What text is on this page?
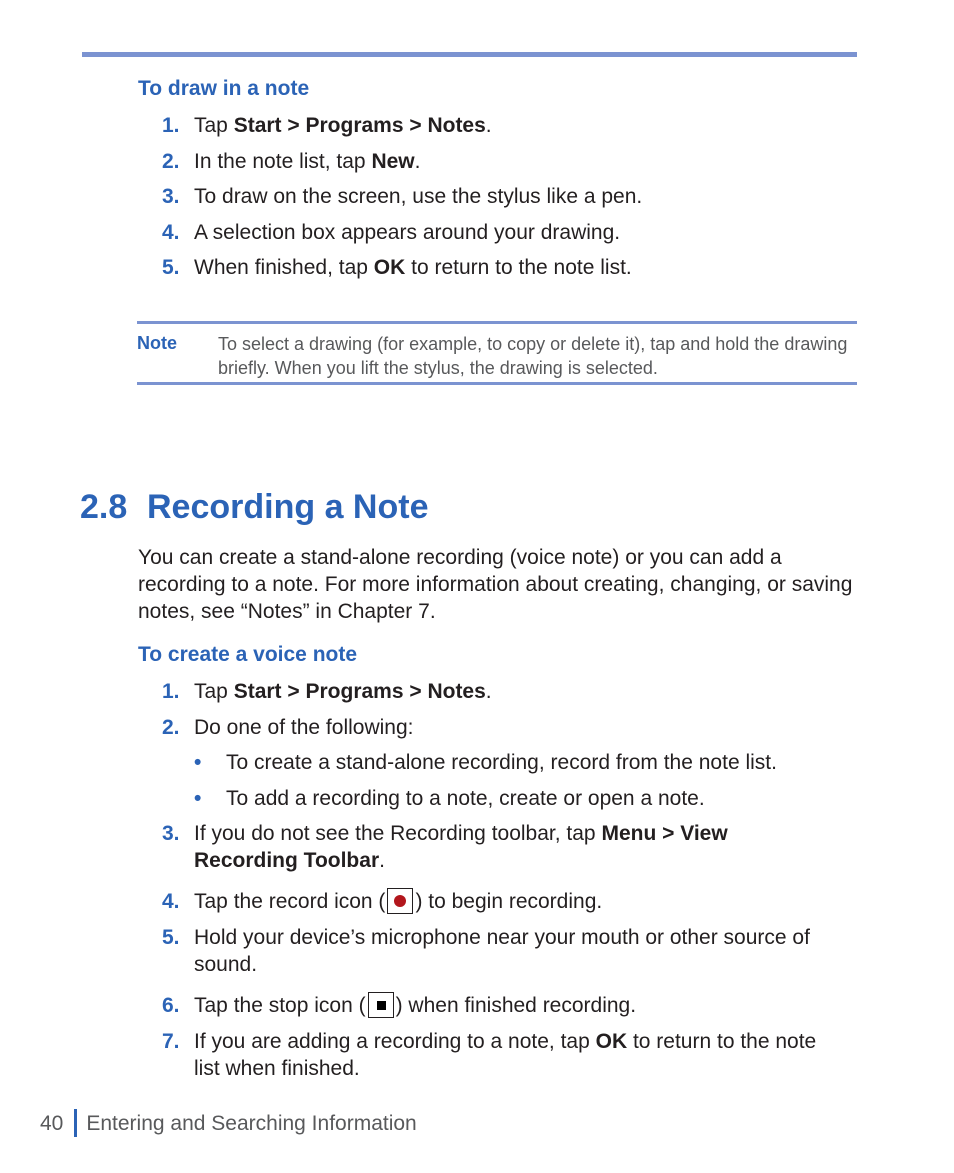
To draw in a note
1. Tap Start > Programs > Notes.
2. In the note list, tap New.
3. To draw on the screen, use the stylus like a pen.
4. A selection box appears around your drawing.
5. When finished, tap OK to return to the note list.
Note To select a drawing (for example, to copy or delete it), tap and hold the drawing briefly. When you lift the stylus, the drawing is selected.
2.8 Recording a Note

You can create a stand-alone recording (voice note) or you can add a recording to a note. For more information about creating, changing, or saving notes, see “Notes” in Chapter 7.

To create a voice note
1. Tap Start > Programs > Notes.
2. Do one of the following:
• To create a stand-alone recording, record from the note list.
• To add a recording to a note, create or open a note.
3. If you do not see the Recording toolbar, tap Menu > View Recording Toolbar.
4. Tap the record icon ( ) to begin recording.
5. Hold your device’s microphone near your mouth or other source of sound.
6. Tap the stop icon ( ) when finished recording.
7. If you are adding a recording to a note, tap OK to return to the note list when finished.
40 Entering and Searching Information
